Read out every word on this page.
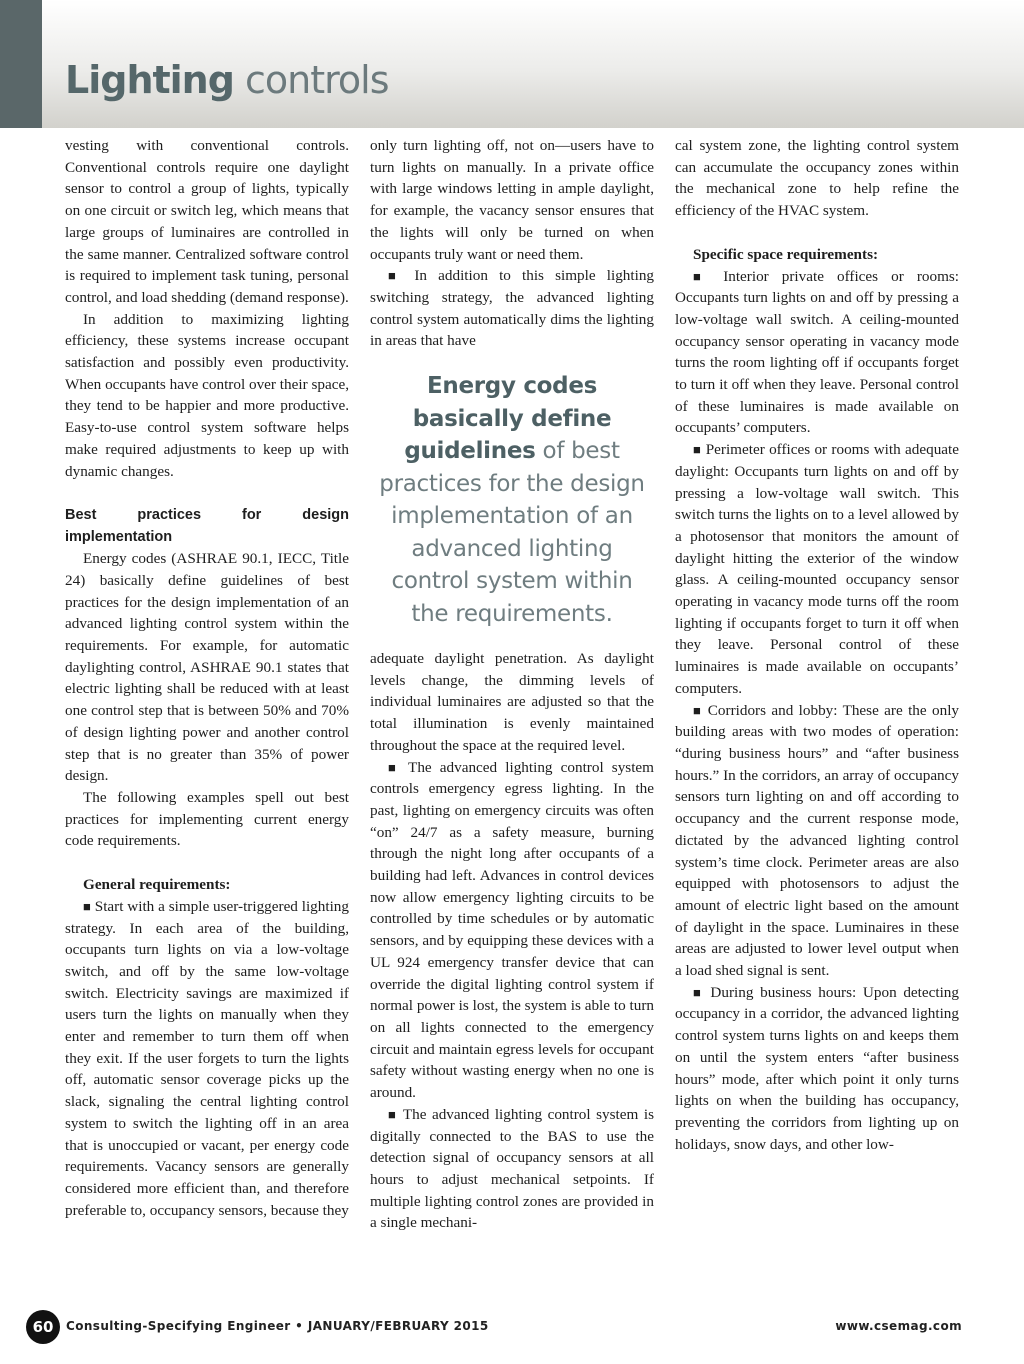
Lighting controls

vesting with conventional controls. Conventional controls require one daylight sensor to control a group of lights, typically on one circuit or switch leg, which means that large groups of luminaires are controlled in the same manner. Centralized software control is required to implement task tuning, personal control, and load shedding (demand response).

In addition to maximizing lighting efficiency, these systems increase occupant satisfaction and possibly even productivity. When occupants have control over their space, they tend to be happier and more productive. Easy-to-use control system software helps make required adjustments to keep up with dynamic changes.

Best practices for design implementation

Energy codes (ASHRAE 90.1, IECC, Title 24) basically define guidelines of best practices for the design implementation of an advanced lighting control system within the requirements. For example, for automatic daylighting control, ASHRAE 90.1 states that electric lighting shall be reduced with at least one control step that is between 50% and 70% of design lighting power and another control step that is no greater than 35% of power design.

The following examples spell out best practices for implementing current energy code requirements.

General requirements:

■ Start with a simple user-triggered lighting strategy. In each area of the building, occupants turn lights on via a low-voltage switch, and off by the same low-voltage switch. Electricity savings are maximized if users turn the lights on manually when they enter and remember to turn them off when they exit. If the user forgets to turn the lights off, automatic sensor coverage picks up the slack, signaling the central lighting control system to switch the lighting off in an area that is unoccupied or vacant, per energy code requirements. Vacancy sensors are generally considered more efficient than, and therefore preferable to, occupancy sensors, because they

only turn lighting off, not on—users have to turn lights on manually. In a private office with large windows letting in ample daylight, for example, the vacancy sensor ensures that the lights will only be turned on when occupants truly want or need them.

■ In addition to this simple lighting switching strategy, the advanced lighting control system automatically dims the lighting in areas that have

Energy codes basically define guidelines of best practices for the design implementation of an advanced lighting control system within the requirements.

adequate daylight penetration. As daylight levels change, the dimming levels of individual luminaires are adjusted so that the total illumination is evenly maintained throughout the space at the required level.

■ The advanced lighting control system controls emergency egress lighting. In the past, lighting on emergency circuits was often “on” 24/7 as a safety measure, burning through the night long after occupants of a building had left. Advances in control devices now allow emergency lighting circuits to be controlled by time schedules or by automatic sensors, and by equipping these devices with a UL 924 emergency transfer device that can override the digital lighting control system if normal power is lost, the system is able to turn on all lights connected to the emergency circuit and maintain egress levels for occupant safety without wasting energy when no one is around.

■ The advanced lighting control system is digitally connected to the BAS to use the detection signal of occupancy sensors at all hours to adjust mechanical setpoints. If multiple lighting control zones are provided in a single mechani-

cal system zone, the lighting control system can accumulate the occupancy zones within the mechanical zone to help refine the efficiency of the HVAC system.

Specific space requirements:

■ Interior private offices or rooms: Occupants turn lights on and off by pressing a low-voltage wall switch. A ceiling-mounted occupancy sensor operating in vacancy mode turns the room lighting off if occupants forget to turn it off when they leave. Personal control of these luminaires is made available on occupants’ computers.

■ Perimeter offices or rooms with adequate daylight: Occupants turn lights on and off by pressing a low-voltage wall switch. This switch turns the lights on to a level allowed by a photosensor that monitors the amount of daylight hitting the exterior of the window glass. A ceiling-mounted occupancy sensor operating in vacancy mode turns off the room lighting if occupants forget to turn it off when they leave. Personal control of these luminaires is made available on occupants’ computers.

■ Corridors and lobby: These are the only building areas with two modes of operation: “during business hours” and “after business hours.” In the corridors, an array of occupancy sensors turn lighting on and off according to occupancy and the current response mode, dictated by the advanced lighting control system’s time clock. Perimeter areas are also equipped with photosensors to adjust the amount of electric light based on the amount of daylight in the space. Luminaires in these areas are adjusted to lower level output when a load shed signal is sent.

■ During business hours: Upon detecting occupancy in a corridor, the advanced lighting control system turns lights on and keeps them on until the system enters “after business hours” mode, after which point it only turns lights on when the building has occupancy, preventing the corridors from lighting up on holidays, snow days, and other low-

60	Consulting-Specifying Engineer • JANUARY/FEBRUARY 2015	www.csemag.com
